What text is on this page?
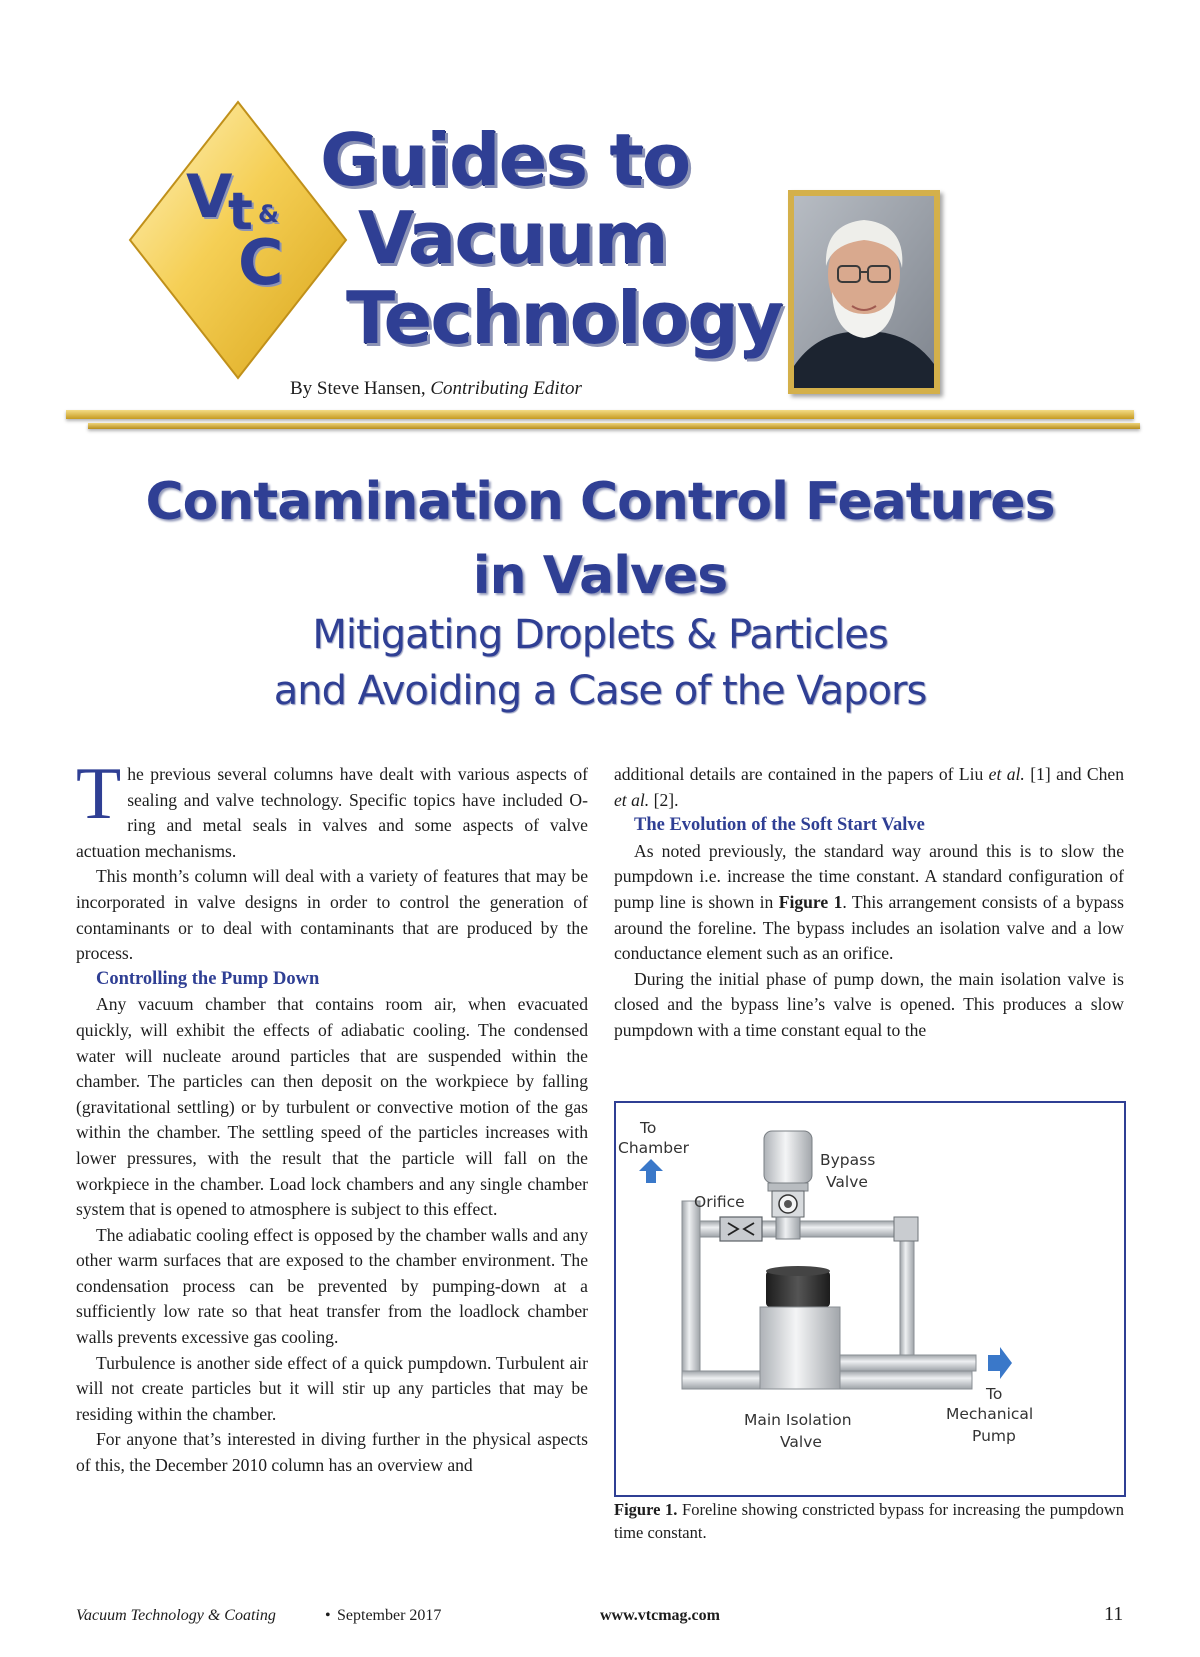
V
t &
C
Guides to
Vacuum
Technology
By Steve Hansen, Contributing Editor
Contamination Control Features
in Valves
Mitigating Droplets & Particles
and Avoiding a Case of the Vapors

The previous several columns have dealt with various aspects of sealing and valve technology. Specific topics have included O-ring and metal seals in valves and some aspects of valve actuation mechanisms.

This month’s column will deal with a variety of features that may be incorporated in valve designs in order to control the generation of contaminants or to deal with contaminants that are produced by the process.

Controlling the Pump Down

Any vacuum chamber that contains room air, when evacuated quickly, will exhibit the effects of adiabatic cooling. The condensed water will nucleate around particles that are suspended within the chamber. The particles can then deposit on the workpiece by falling (gravitational settling) or by turbulent or convective motion of the gas within the chamber. The settling speed of the particles increases with lower pressures, with the result that the particle will fall on the workpiece in the chamber. Load lock chambers and any single chamber system that is opened to atmosphere is subject to this effect.

The adiabatic cooling effect is opposed by the chamber walls and any other warm surfaces that are exposed to the chamber environment. The condensation process can be prevented by pumping-down at a sufficiently low rate so that heat transfer from the loadlock chamber walls prevents excessive gas cooling.

Turbulence is another side effect of a quick pumpdown. Turbulent air will not create particles but it will stir up any particles that may be residing within the chamber.

For anyone that’s interested in diving further in the physical aspects of this, the December 2010 column has an overview and

additional details are contained in the papers of Liu et al. [1] and Chen et al. [2].

The Evolution of the Soft Start Valve

As noted previously, the standard way around this is to slow the pumpdown i.e. increase the time constant. A standard configuration of pump line is shown in Figure 1. This arrangement consists of a bypass around the foreline. The bypass includes an isolation valve and a low conductance element such as an orifice.

During the initial phase of pump down, the main isolation valve is closed and the bypass line’s valve is opened. This produces a slow pumpdown with a time constant equal to the

To
Chamber
Bypass
Valve
Orifice
Main Isolation
Valve
To
Mechanical
Pump
Figure 1. Foreline showing constricted bypass for increasing the pumpdown time constant.
Vacuum Technology & Coating	• September 2017	www.vtcmag.com	11
